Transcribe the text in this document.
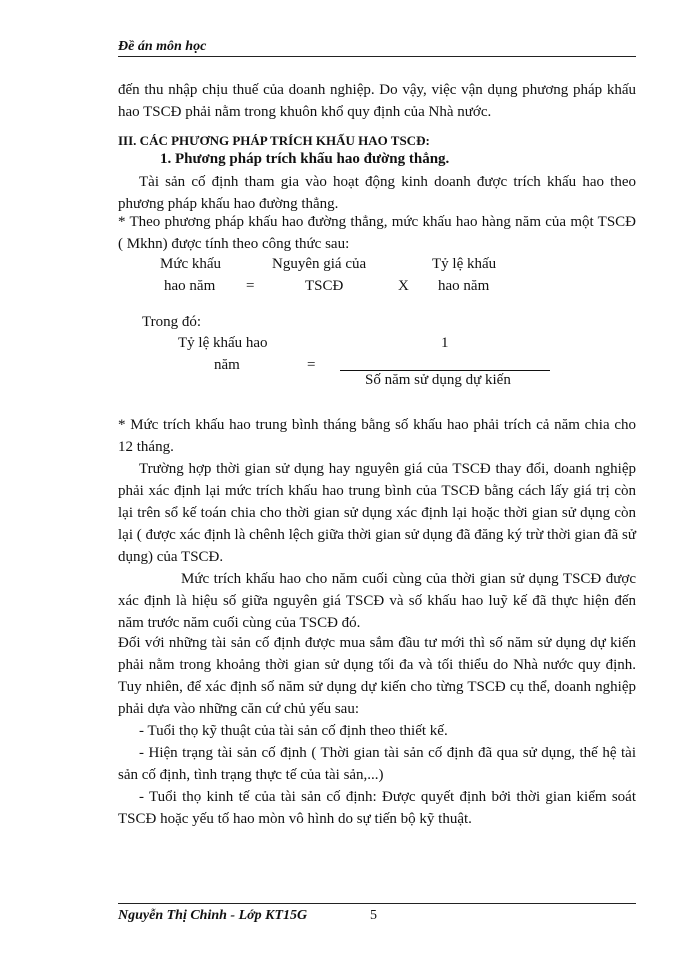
Đề án môn học
đến thu nhập chịu thuế của doanh nghiệp. Do vậy, việc vận dụng phương pháp khấu hao TSCĐ phải nằm trong khuôn khổ quy định của Nhà nước.
III. CÁC PHƯƠNG PHÁP TRÍCH KHẤU HAO TSCĐ:
1. Phương pháp trích khấu hao đường thẳng.
Tài sản cố định tham gia vào hoạt động kinh doanh được trích khấu hao theo phương pháp khấu hao đường thẳng.
* Theo phương pháp khấu hao đường thẳng, mức khấu hao hàng năm của một TSCĐ ( Mkhn) được tính theo công thức sau:
Mức khấu
hao năm =
Nguyên giá của
TSCĐ	X
Tỷ lệ khấu
hao năm
Trong đó:
Tỷ lệ khấu hao
năm	=
1
Số năm sử dụng dự kiến
* Mức trích khấu hao trung bình tháng bằng số khấu hao phải trích cả năm chia cho 12 tháng.
Trường hợp thời gian sử dụng hay nguyên giá của TSCĐ thay đổi, doanh nghiệp phải xác định lại mức trích khấu hao trung bình của TSCĐ bằng cách lấy giá trị còn lại trên sổ kế toán chia cho thời gian sử dụng xác định lại hoặc thời gian sử dụng còn lại ( được xác định là chênh lệch giữa thời gian sử dụng đã đăng ký trừ thời gian đã sử dụng) của TSCĐ.
Mức trích khấu hao cho năm cuối cùng của thời gian sử dụng TSCĐ được xác định là hiệu số giữa nguyên giá TSCĐ và số khấu hao luỹ kế đã thực hiện đến năm trước năm cuối cùng của TSCĐ đó.
Đối với những tài sản cố định được mua sắm đầu tư mới thì số năm sử dụng dự kiến phải nằm trong khoảng thời gian sử dụng tối đa và tối thiểu do Nhà nước quy định. Tuy nhiên, để xác định số năm sử dụng dự kiến cho từng TSCĐ cụ thể, doanh nghiệp phải dựa vào những căn cứ chủ yếu sau:
- Tuổi thọ kỹ thuật của tài sản cố định theo thiết kế.
- Hiện trạng tài sản cố định ( Thời gian tài sản cố định đã qua sử dụng, thế hệ tài sản cố định, tình trạng thực tế của tài sản,...)
- Tuổi thọ kinh tế của tài sản cố định: Được quyết định bởi thời gian kiểm soát TSCĐ hoặc yếu tố hao mòn vô hình do sự tiến bộ kỹ thuật.
Nguyễn Thị Chinh - Lớp KT15G	5
